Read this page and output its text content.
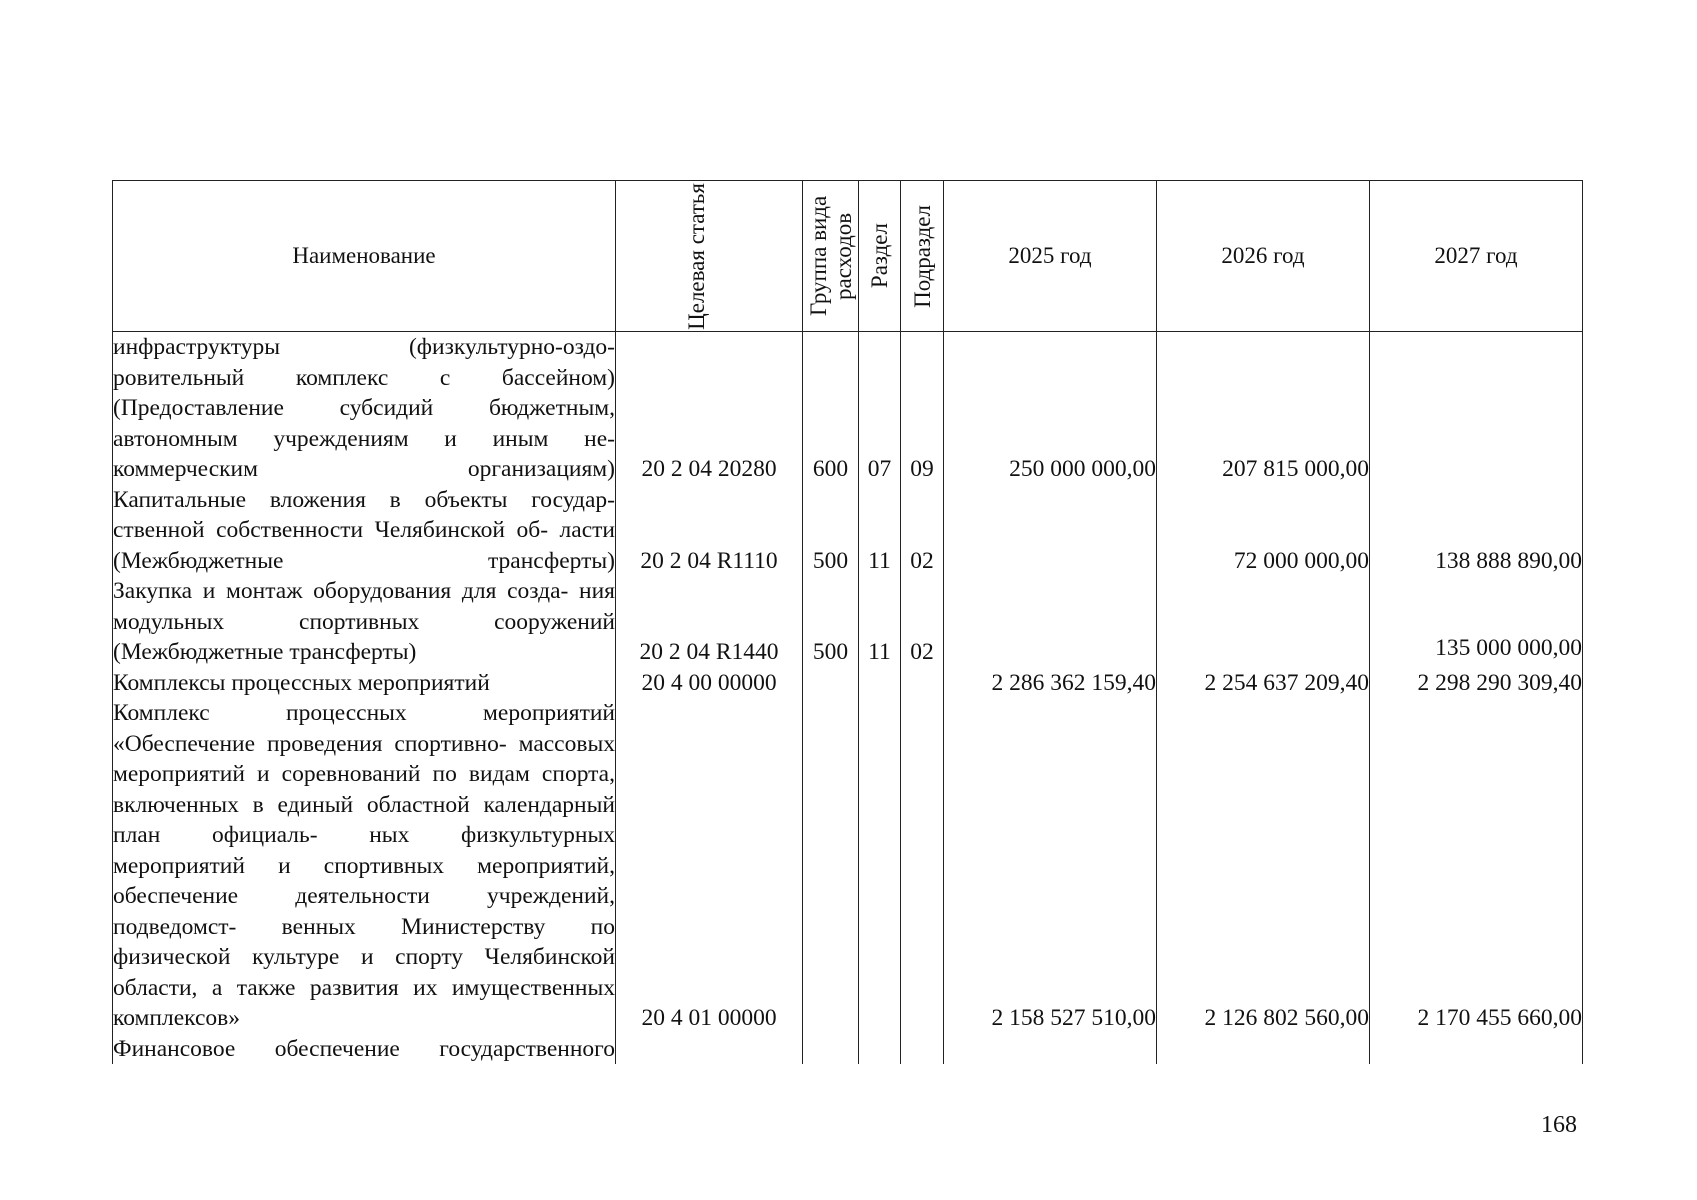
Наименование	Целевая статья	Группа вида расходов	Раздел	Подраздел	2025 год	2026 год	2027 год
инфраструктуры (физкультурно-оздо- ровительный комплекс с бассейном) (Предоставление субсидий бюджетным, автономным учреждениям и иным не- коммерческим организациям)	20 2 04 20280	600	07	09	250 000 000,00	207 815 000,00	
Капитальные вложения в объекты государ- ственной собственности Челябинской об- ласти (Межбюджетные трансферты)	20 2 04 R1110	500	11	02		72 000 000,00	138 888 890,00
Закупка и монтаж оборудования для созда- ния модульных спортивных сооружений (Межбюджетные трансферты)	20 2 04 R1440	500	11	02			135 000 000,00
Комплексы процессных мероприятий	20 4 00 00000				2 286 362 159,40	2 254 637 209,40	2 298 290 309,40
Комплекс процессных мероприятий «Обеспечение проведения спортивно- массовых мероприятий и соревнований по видам спорта, включенных в единый областной календарный план официаль- ных физкультурных мероприятий и спортивных мероприятий, обеспечение деятельности учреждений, подведомст- венных Министерству по физической культуре и спорту Челябинской области, а также развития их имущественных комплексов»	20 4 01 00000				2 158 527 510,00	2 126 802 560,00	2 170 455 660,00
Финансовое обеспечение государственного							
168
